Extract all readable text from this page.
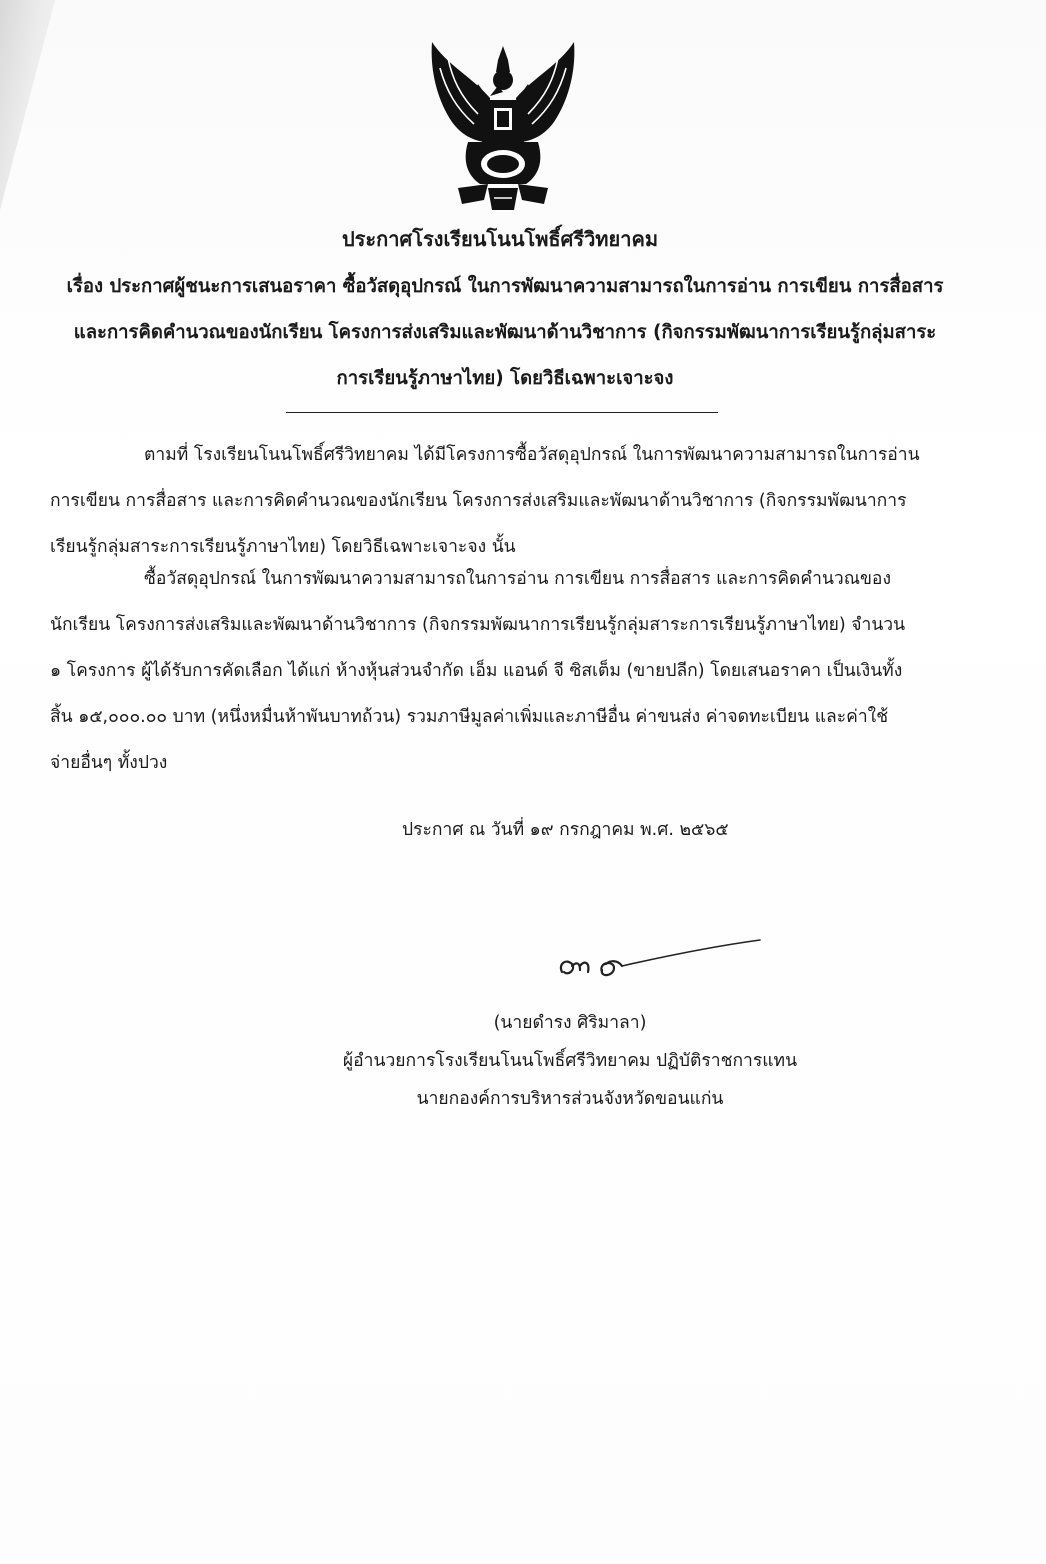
ประกาศโรงเรียนโนนโพธิ์ศรีวิทยาคม
เรื่อง ประกาศผู้ชนะการเสนอราคา ซื้อวัสดุอุปกรณ์ ในการพัฒนาความสามารถในการอ่าน การเขียน การสื่อสาร
และการคิดคำนวณของนักเรียน โครงการส่งเสริมและพัฒนาด้านวิชาการ (กิจกรรมพัฒนาการเรียนรู้กลุ่มสาระ
การเรียนรู้ภาษาไทย) โดยวิธีเฉพาะเจาะจง
ตามที่ โรงเรียนโนนโพธิ์ศรีวิทยาคม ได้มีโครงการซื้อวัสดุอุปกรณ์ ในการพัฒนาความสามารถในการอ่าน
การเขียน การสื่อสาร และการคิดคำนวณของนักเรียน โครงการส่งเสริมและพัฒนาด้านวิชาการ (กิจกรรมพัฒนาการ
เรียนรู้กลุ่มสาระการเรียนรู้ภาษาไทย) โดยวิธีเฉพาะเจาะจง นั้น
ซื้อวัสดุอุปกรณ์ ในการพัฒนาความสามารถในการอ่าน การเขียน การสื่อสาร และการคิดคำนวณของ
นักเรียน โครงการส่งเสริมและพัฒนาด้านวิชาการ (กิจกรรมพัฒนาการเรียนรู้กลุ่มสาระการเรียนรู้ภาษาไทย) จำนวน
๑ โครงการ ผู้ได้รับการคัดเลือก ได้แก่ ห้างหุ้นส่วนจำกัด เอ็ม แอนด์ จี ซิสเต็ม (ขายปลีก) โดยเสนอราคา เป็นเงินทั้ง
สิ้น ๑๕,๐๐๐.๐๐ บาท (หนึ่งหมื่นห้าพันบาทถ้วน) รวมภาษีมูลค่าเพิ่มและภาษีอื่น ค่าขนส่ง ค่าจดทะเบียน และค่าใช้
จ่ายอื่นๆ ทั้งปวง
ประกาศ ณ วันที่ ๑๙ กรกฎาคม พ.ศ. ๒๕๖๕
(นายดำรง ศิริมาลา)
ผู้อำนวยการโรงเรียนโนนโพธิ์ศรีวิทยาคม ปฏิบัติราชการแทน
นายกองค์การบริหารส่วนจังหวัดขอนแก่น
